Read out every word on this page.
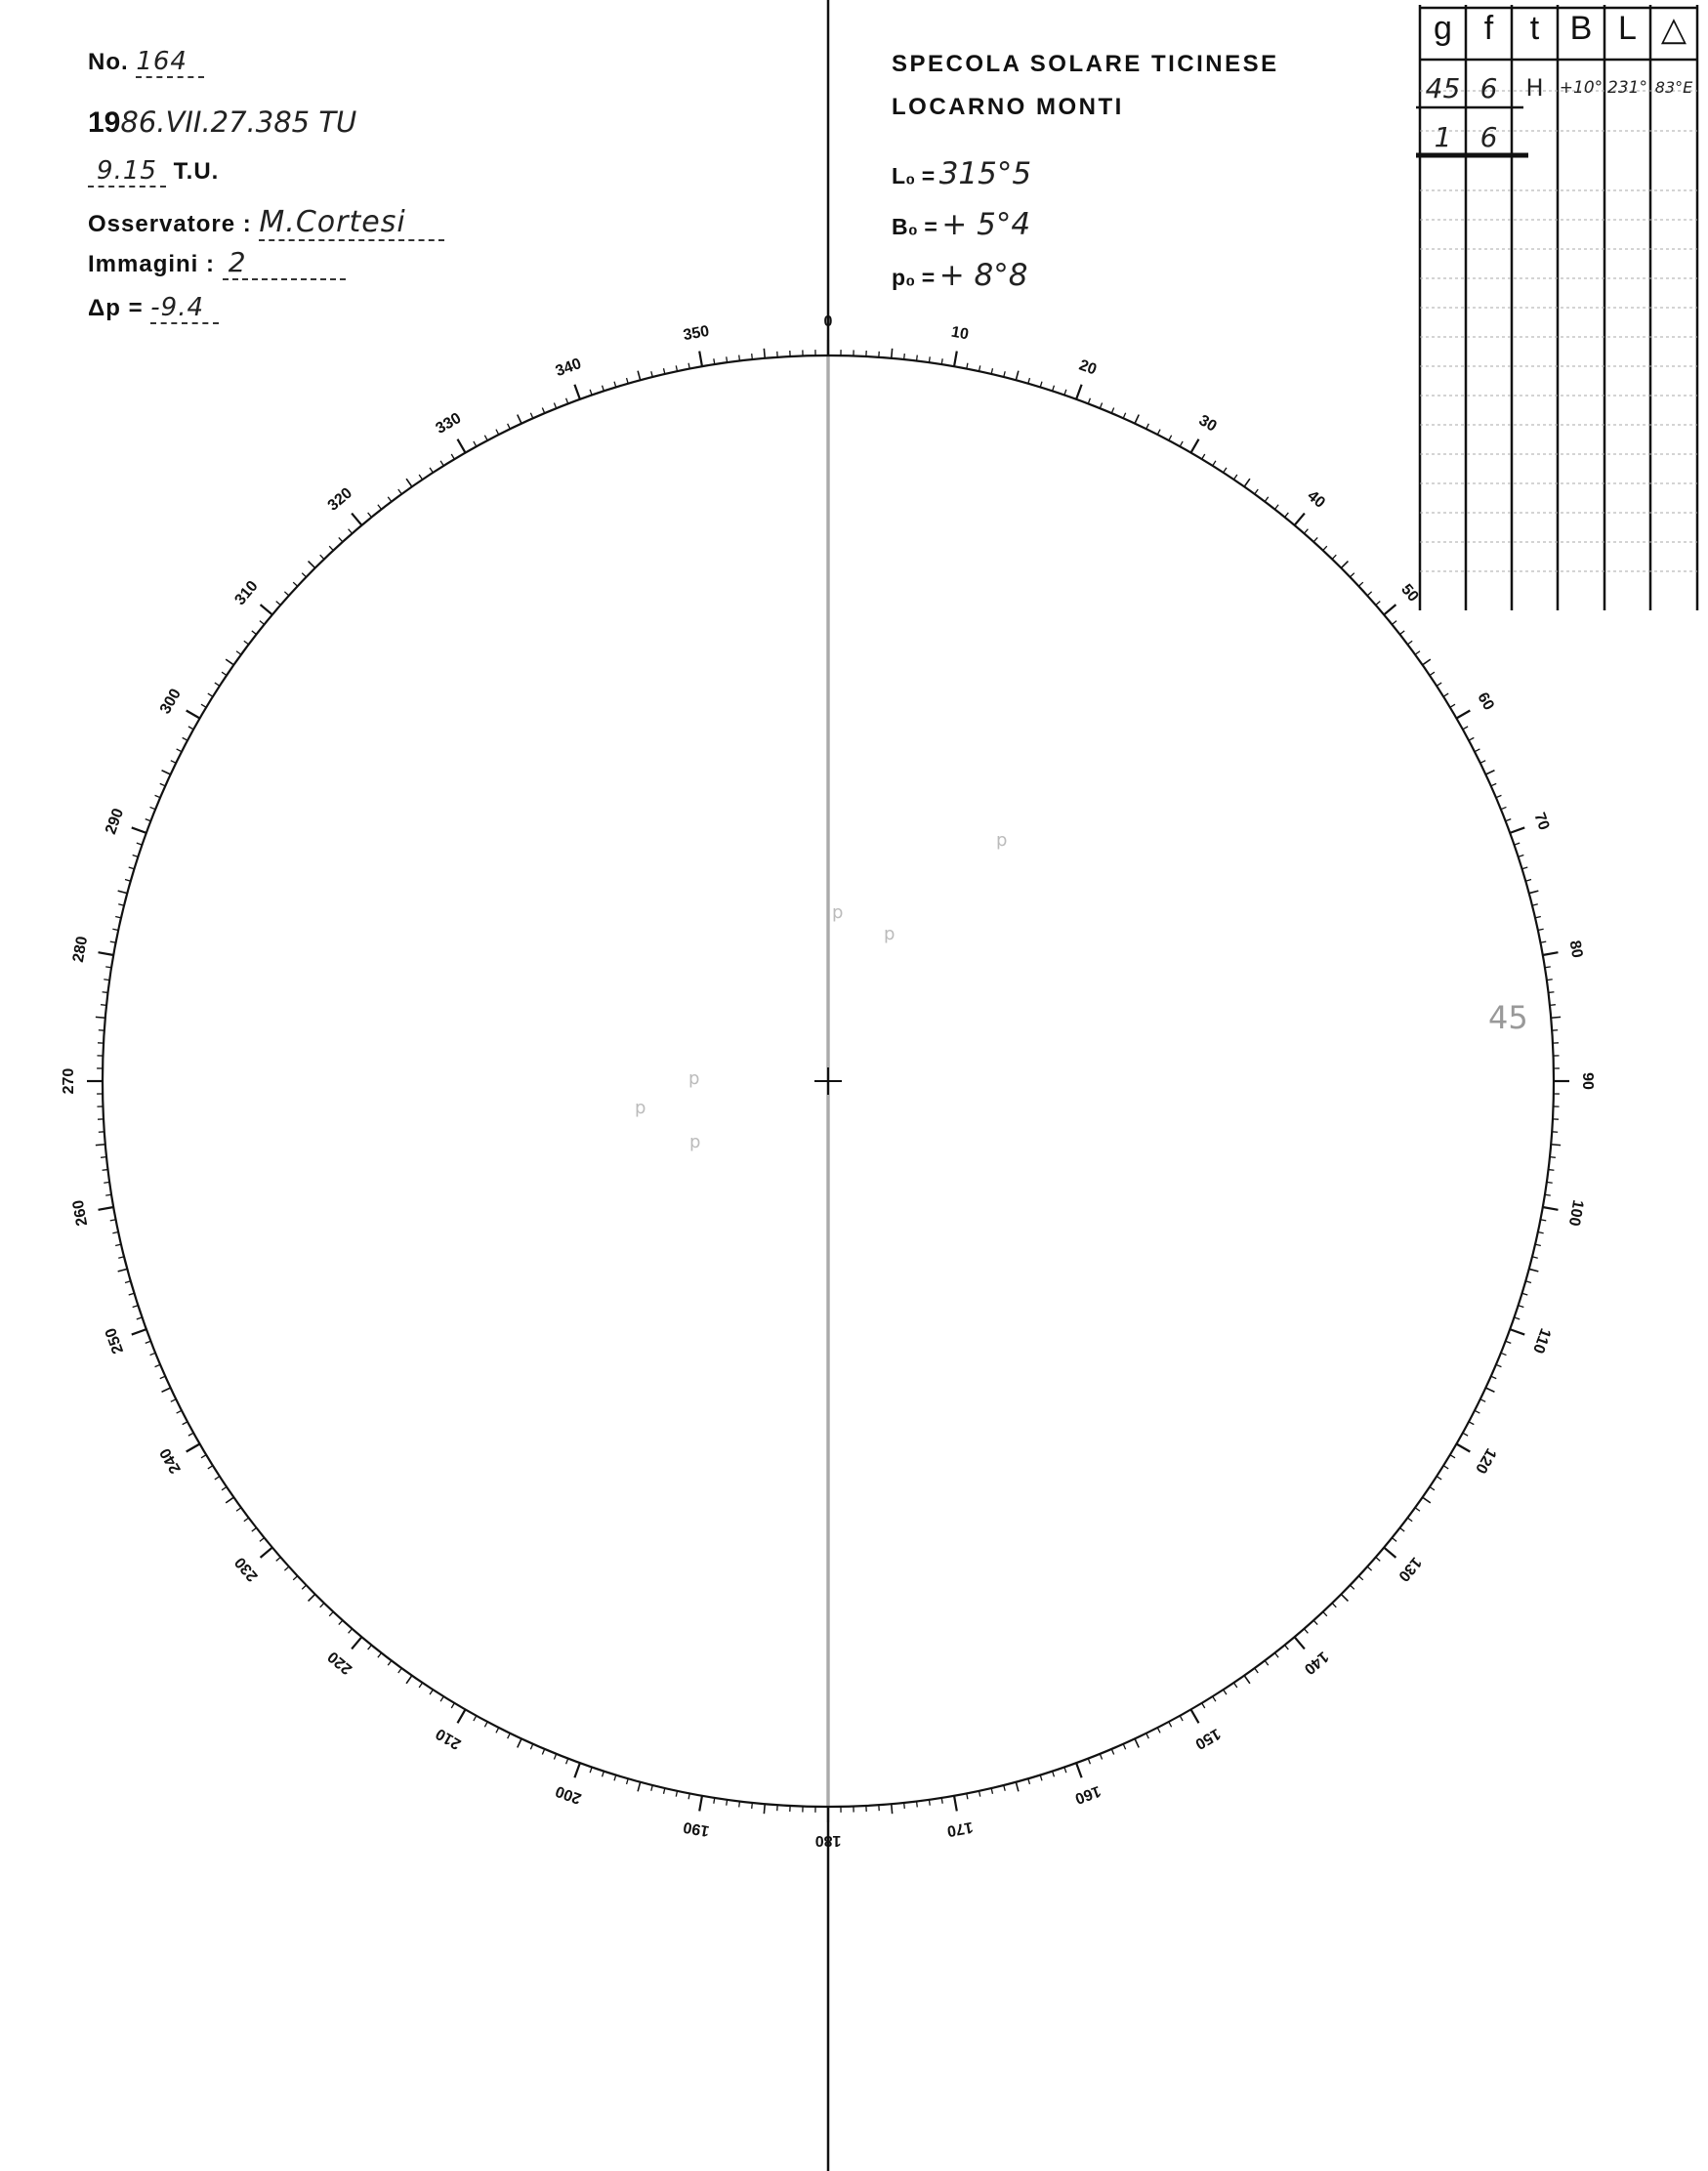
No. 164
1986.VII.27.385 TU
9.15 T.U.
Osservatore : M.Cortesi
Immagini : 2
Δp = -9.4
SPECOLA SOLARE TICINESE
LOCARNO MONTI
L₀ = 315°5
B₀ = + 5°4
p₀ = + 8°8
g f	t B L △
45 6	H +10° 231° 83°E
1	6
0
10
20
30
40
50
60
70
80
90
100
110
120
130
140
150
160
170
180
190
200
210
220
230
240
250
260
270
280
290
300
310
320
330
340
350
p
p
p
p
p
p
45
